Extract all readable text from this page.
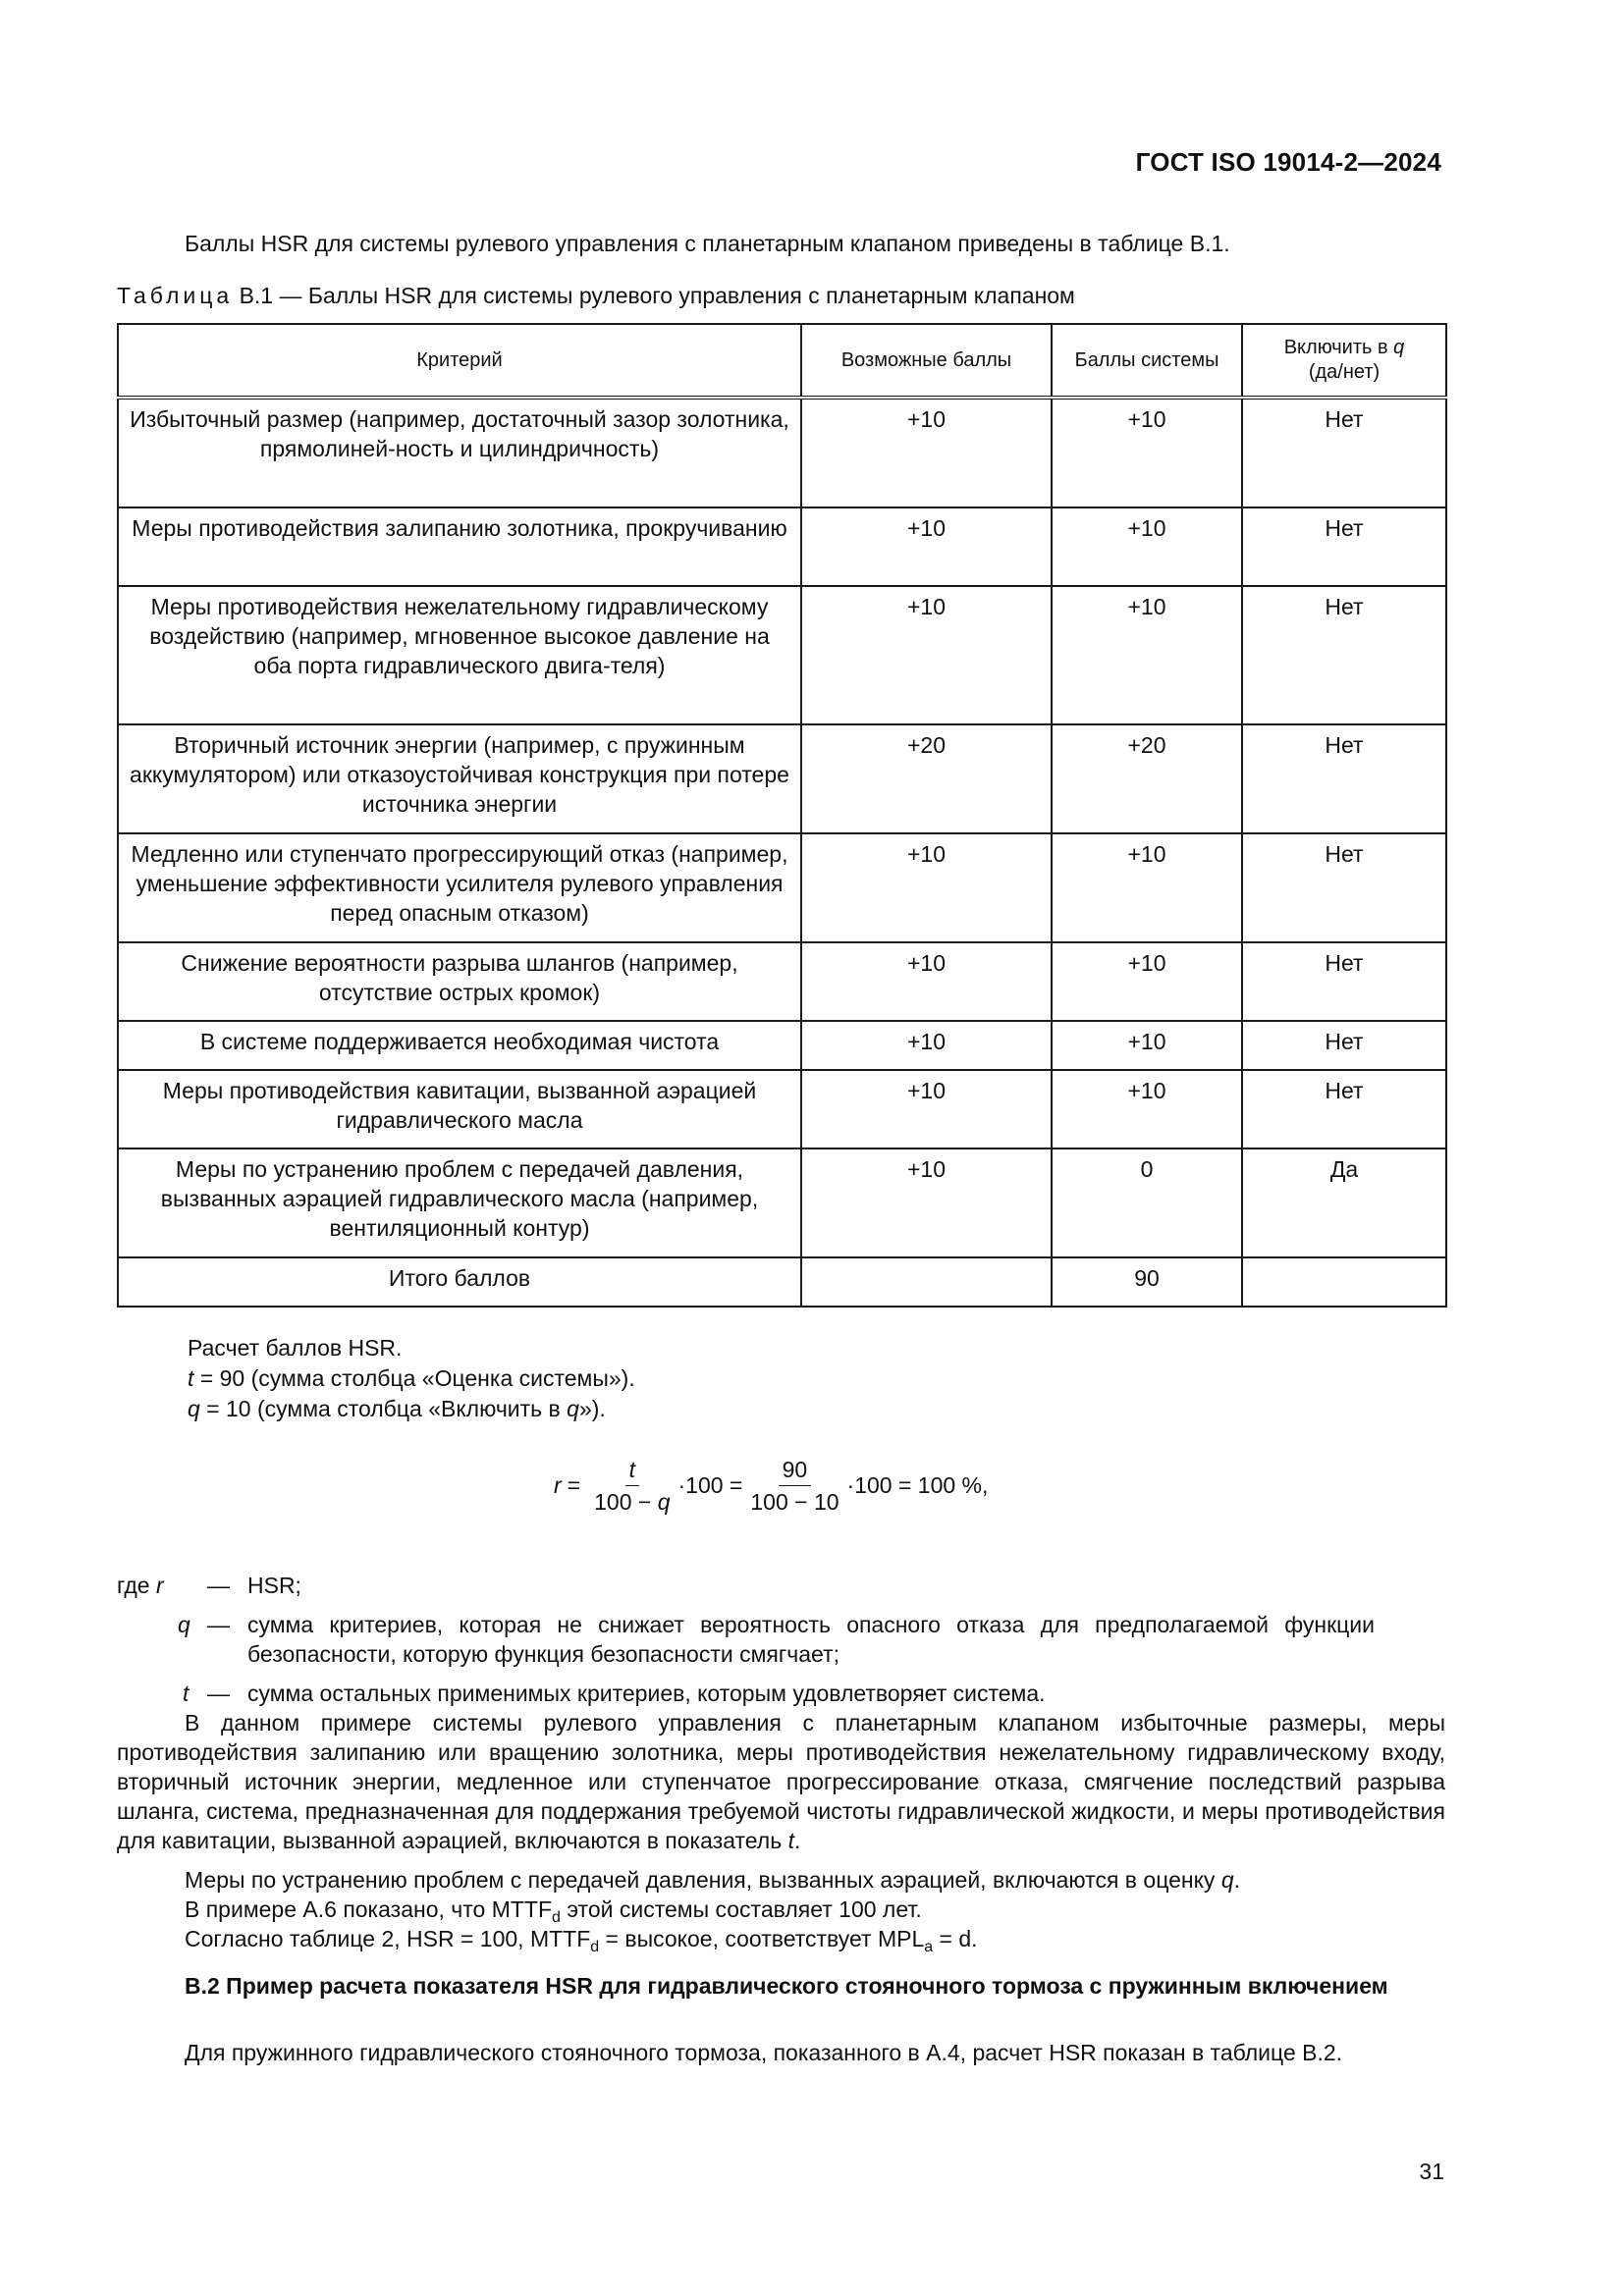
ГОСТ ISO 19014-2—2024
Баллы HSR для системы рулевого управления с планетарным клапаном приведены в таблице В.1.
Таблица В.1 — Баллы HSR для системы рулевого управления с планетарным клапаном
Критерий	Возможные баллы	Баллы системы	Включить в q
(да/нет)
Избыточный размер (например, достаточный зазор золотника, прямолиней-ность и цилиндричность)	+10	+10	Нет
Меры противодействия залипанию золотника, прокручиванию	+10	+10	Нет
Меры противодействия нежелательному гидравлическому воздействию (например, мгновенное высокое давление на оба порта гидравлического двига-теля)	+10	+10	Нет
Вторичный источник энергии (например, с пружинным аккумулятором) или отказоустойчивая конструкция при потере источника энергии	+20	+20	Нет
Медленно или ступенчато прогрессирующий отказ (например, уменьшение эффективности усилителя рулевого управления перед опасным отказом)	+10	+10	Нет
Снижение вероятности разрыва шлангов (например, отсутствие острых кромок)	+10	+10	Нет
В системе поддерживается необходимая чистота	+10	+10	Нет
Меры противодействия кавитации, вызванной аэрацией гидравлического масла	+10	+10	Нет
Меры по устранению проблем с передачей давления, вызванных аэрацией гидравлического масла (например, вентиляционный контур)	+10	0	Да
Итого баллов		90	
Расчет баллов HSR.
t = 90 (сумма столбца «Оценка системы»).
q = 10 (сумма столбца «Включить в q»).
$r = \frac{t}{100 - q} \cdot 100 = \frac{90}{100 - 10} \cdot 100 = 100$ %,
где r — HSR;
q — сумма критериев, которая не снижает вероятность опасного отказа для предполагаемой функции безопасности, которую функция безопасности смягчает;
t — сумма остальных применимых критериев, которым удовлетворяет система.
В данном примере системы рулевого управления с планетарным клапаном избыточные размеры, меры противодействия залипанию или вращению золотника, меры противодействия нежелательному гидравлическому входу, вторичный источник энергии, медленное или ступенчатое прогрессирование отказа, смягчение последствий разрыва шланга, система, предназначенная для поддержания требуемой чистоты гидравлической жидкости, и меры противодействия для кавитации, вызванной аэрацией, включаются в показатель t.
Меры по устранению проблем с передачей давления, вызванных аэрацией, включаются в оценку q.
В примере А.6 показано, что $MTTF_d$ этой системы составляет 100 лет.
Согласно таблице 2, HSR = 100, $MTTF_d$ = высокое, соответствует $MPL_a = d$.
В.2 Пример расчета показателя HSR для гидравлического стояночного тормоза с пружинным включением
Для пружинного гидравлического стояночного тормоза, показанного в А.4, расчет HSR показан в таблице В.2.
31
